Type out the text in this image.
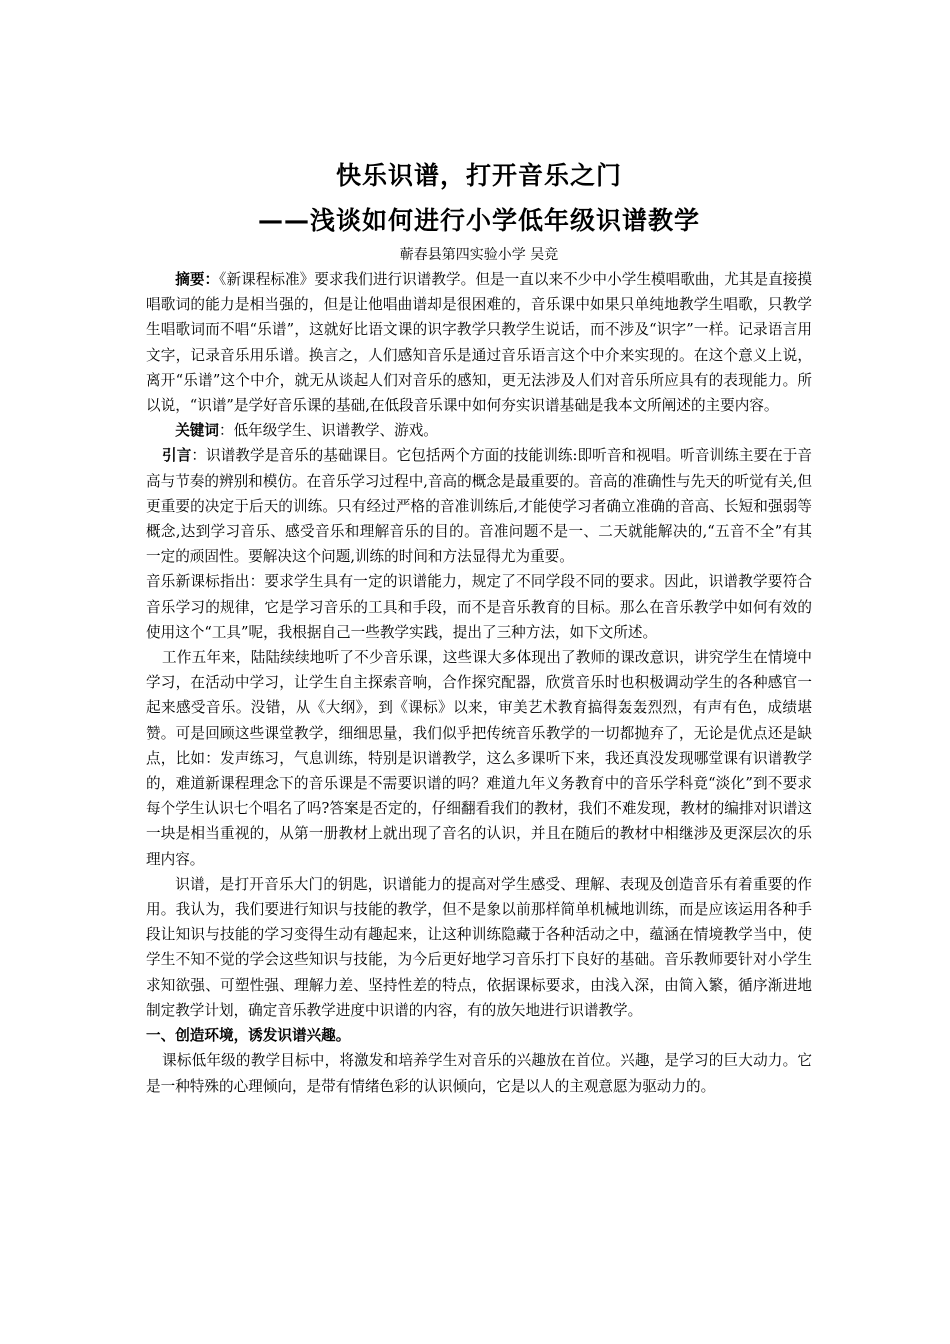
快乐识谱，打开音乐之门
——浅谈如何进行小学低年级识谱教学

蕲春县第四实验小学 吴竞

摘要：《新课程标准》要求我们进行识谱教学。但是一直以来不少中小学生模唱歌曲，尤其是直接摸唱歌词的能力是相当强的，但是让他唱曲谱却是很困难的，音乐课中如果只单纯地教学生唱歌，只教学生唱歌词而不唱“乐谱”，这就好比语文课的识字教学只教学生说话，而不涉及“识字”一样。记录语言用文字，记录音乐用乐谱。换言之，人们感知音乐是通过音乐语言这个中介来实现的。在这个意义上说，离开“乐谱”这个中介，就无从谈起人们对音乐的感知，更无法涉及人们对音乐所应具有的表现能力。所以说，“识谱”是学好音乐课的基础,在低段音乐课中如何夯实识谱基础是我本文所阐述的主要内容。

关键词：低年级学生、识谱教学、游戏。

引言：识谱教学是音乐的基础课目。它包括两个方面的技能训练:即听音和视唱。听音训练主要在于音高与节奏的辨别和模仿。在音乐学习过程中,音高的概念是最重要的。音高的准确性与先天的听觉有关,但更重要的决定于后天的训练。只有经过严格的音准训练后,才能使学习者确立准确的音高、长短和强弱等概念,达到学习音乐、感受音乐和理解音乐的目的。音准问题不是一、二天就能解决的,“五音不全”有其一定的顽固性。要解决这个问题,训练的时间和方法显得尤为重要。

音乐新课标指出：要求学生具有一定的识谱能力，规定了不同学段不同的要求。因此，识谱教学要符合音乐学习的规律，它是学习音乐的工具和手段，而不是音乐教育的目标。那么在音乐教学中如何有效的使用这个“工具”呢，我根据自己一些教学实践，提出了三种方法，如下文所述。

工作五年来，陆陆续续地听了不少音乐课，这些课大多体现出了教师的课改意识，讲究学生在情境中学习，在活动中学习，让学生自主探索音响，合作探究配器，欣赏音乐时也积极调动学生的各种感官一起来感受音乐。没错，从《大纲》，到《课标》以来，审美艺术教育搞得轰轰烈烈，有声有色，成绩堪赞。可是回顾这些课堂教学，细细思量，我们似乎把传统音乐教学的一切都抛弃了，无论是优点还是缺点，比如：发声练习，气息训练，特别是识谱教学，这么多课听下来，我还真没发现哪堂课有识谱教学的，难道新课程理念下的音乐课是不需要识谱的吗？难道九年义务教育中的音乐学科竟“淡化”到不要求每个学生认识七个唱名了吗?答案是否定的，仔细翻看我们的教材，我们不难发现，教材的编排对识谱这一块是相当重视的，从第一册教材上就出现了音名的认识，并且在随后的教材中相继涉及更深层次的乐理内容。

识谱，是打开音乐大门的钥匙，识谱能力的提高对学生感受、理解、表现及创造音乐有着重要的作用。我认为，我们要进行知识与技能的教学，但不是象以前那样简单机械地训练，而是应该运用各种手段让知识与技能的学习变得生动有趣起来，让这种训练隐藏于各种活动之中，蕴涵在情境教学当中，使学生不知不觉的学会这些知识与技能，为今后更好地学习音乐打下良好的基础。音乐教师要针对小学生求知欲强、可塑性强、理解力差、坚持性差的特点，依据课标要求，由浅入深，由简入繁，循序渐进地制定教学计划，确定音乐教学进度中识谱的内容，有的放矢地进行识谱教学。

一、创造环境，诱发识谱兴趣。

课标低年级的教学目标中，将激发和培养学生对音乐的兴趣放在首位。兴趣，是学习的巨大动力。它是一种特殊的心理倾向，是带有情绪色彩的认识倾向，它是以人的主观意愿为驱动力的。
